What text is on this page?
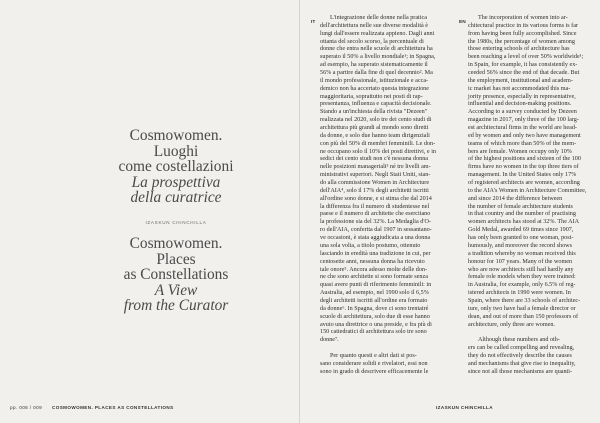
Cosmowomen.
Luoghi
come costellazioni
La prospettiva
della curatrice
IZASKUN CHINCHILLA
Cosmowomen.
Places
as Constellations
A View
from the Curator
IT
L'integrazione delle donne nella pratica
dell'architettura nelle sue diverse modalità è
lungi dall'essere realizzata appieno. Dagli anni
ottanta del secolo scorso, la percentuale di
donne che entra nelle scuole di architettura ha
superato il 50% a livello mondiale¹; in Spagna,
ad esempio, ha superato sistematicamente il
56% a partire dalla fine di quel decennio². Ma
il mondo professionale, istituzionale e acca-
demico non ha accertato questa integrazione
maggioritaria, soprattutto nei posti di rap-
presentanza, influenza e capacità decisionale.
Stando a un'inchiesta della rivista "Dezeen"
realizzata nel 2020, solo tre dei cento studi di
architettura più grandi al mondo sono diretti
da donne, e solo due hanno team dirigenziali
con più del 50% di membri femminili. Le don-
ne occupano solo il 10% dei posti direttivi, e in
sedici dei cento studi non c'è nessuna donna
nelle posizioni manageriali³ né tre livelli am-
ministrativi superiori. Negli Stati Uniti, stan-
do alla commissione Women in Architecture
dell'AIA⁴, solo il 17% degli architetti iscritti
all'ordine sono donne, e si stima che dal 2014
la differenza fra il numero di studentesse nel
paese e il numero di architette che esercitano
la professione sia del 32%. La Medaglia d'O-
ro dell'AIA, conferita dal 1907 in sessantano-
ve occasioni, è stata aggiudicata a una donna
una sola volta, a titolo postumo, ottenuto
lasciando in eredità una tradizione in cui, per
centosette anni, nessuna donna ha ricevuto
tale onore⁵. Ancora adesso molte delle don-
ne che sono architette si sono formate senza
quasi avere punti di riferimento femminili: in
Australia, ad esempio, nel 1990 solo il 6,5%
degli architetti iscritti all'ordine era formato
da donne⁶. In Spagna, dove ci sono trentatré
scuole di architettura, solo due di esse hanno
avuto una direttrice o una preside, e fra più di
150 cattedratici di architettura solo tre sono
donne⁷.
Per quanto questi e altri dati si pos-
sano considerare solidi e rivelatori, essi non
sono in grado di descrivere efficacemente le
EN
The incorporation of women into ar-
chitectural practice in its various forms is far
from having been fully accomplished. Since
the 1980s, the percentage of women among
those entering schools of architecture has
been reaching a level of over 50% worldwide¹;
in Spain, for example, it has consistently ex-
ceeded 56% since the end of that decade. But
the employment, institutional and academ-
ic market has not accommodated this ma-
jority presence, especially in representative,
influential and decision-making positions.
According to a survey conducted by Dezeen
magazine in 2017, only three of the 100 larg-
est architectural firms in the world are head-
ed by women and only two have management
teams of which more than 50% of the mem-
bers are female. Women occupy only 10%
of the highest positions and sixteen of the 100
firms have no women in the top three tiers of
management. In the United States only 17%
of registered architects are women, according
to the AIA's Women in Architecture Committee,
and since 2014 the difference between
the number of female architecture students
in that country and the number of practising
women architects has stood at 32%. The AIA
Gold Medal, awarded 69 times since 1907,
has only been granted to one woman, post-
humously, and moreover the record shows
a tradition whereby no woman received this
honour for 107 years. Many of the women
who are now architects still had hardly any
female role models when they were trained:
in Australia, for example, only 6.5% of reg-
istered architects in 1990 were women. In
Spain, where there are 33 schools of architec-
ture, only two have had a female director or
dean, and out of more than 150 professors of
architecture, only three are women.
Although these numbers and oth-
ers can be called compelling and revealing,
they do not effectively describe the causes
and mechanisms that give rise to inequality,
since not all those mechanisms are quanti-
pp. 008 / 009 COSMOWOMEN. PLACES AS CONSTELLATIONS	IZASKUN CHINCHILLA
